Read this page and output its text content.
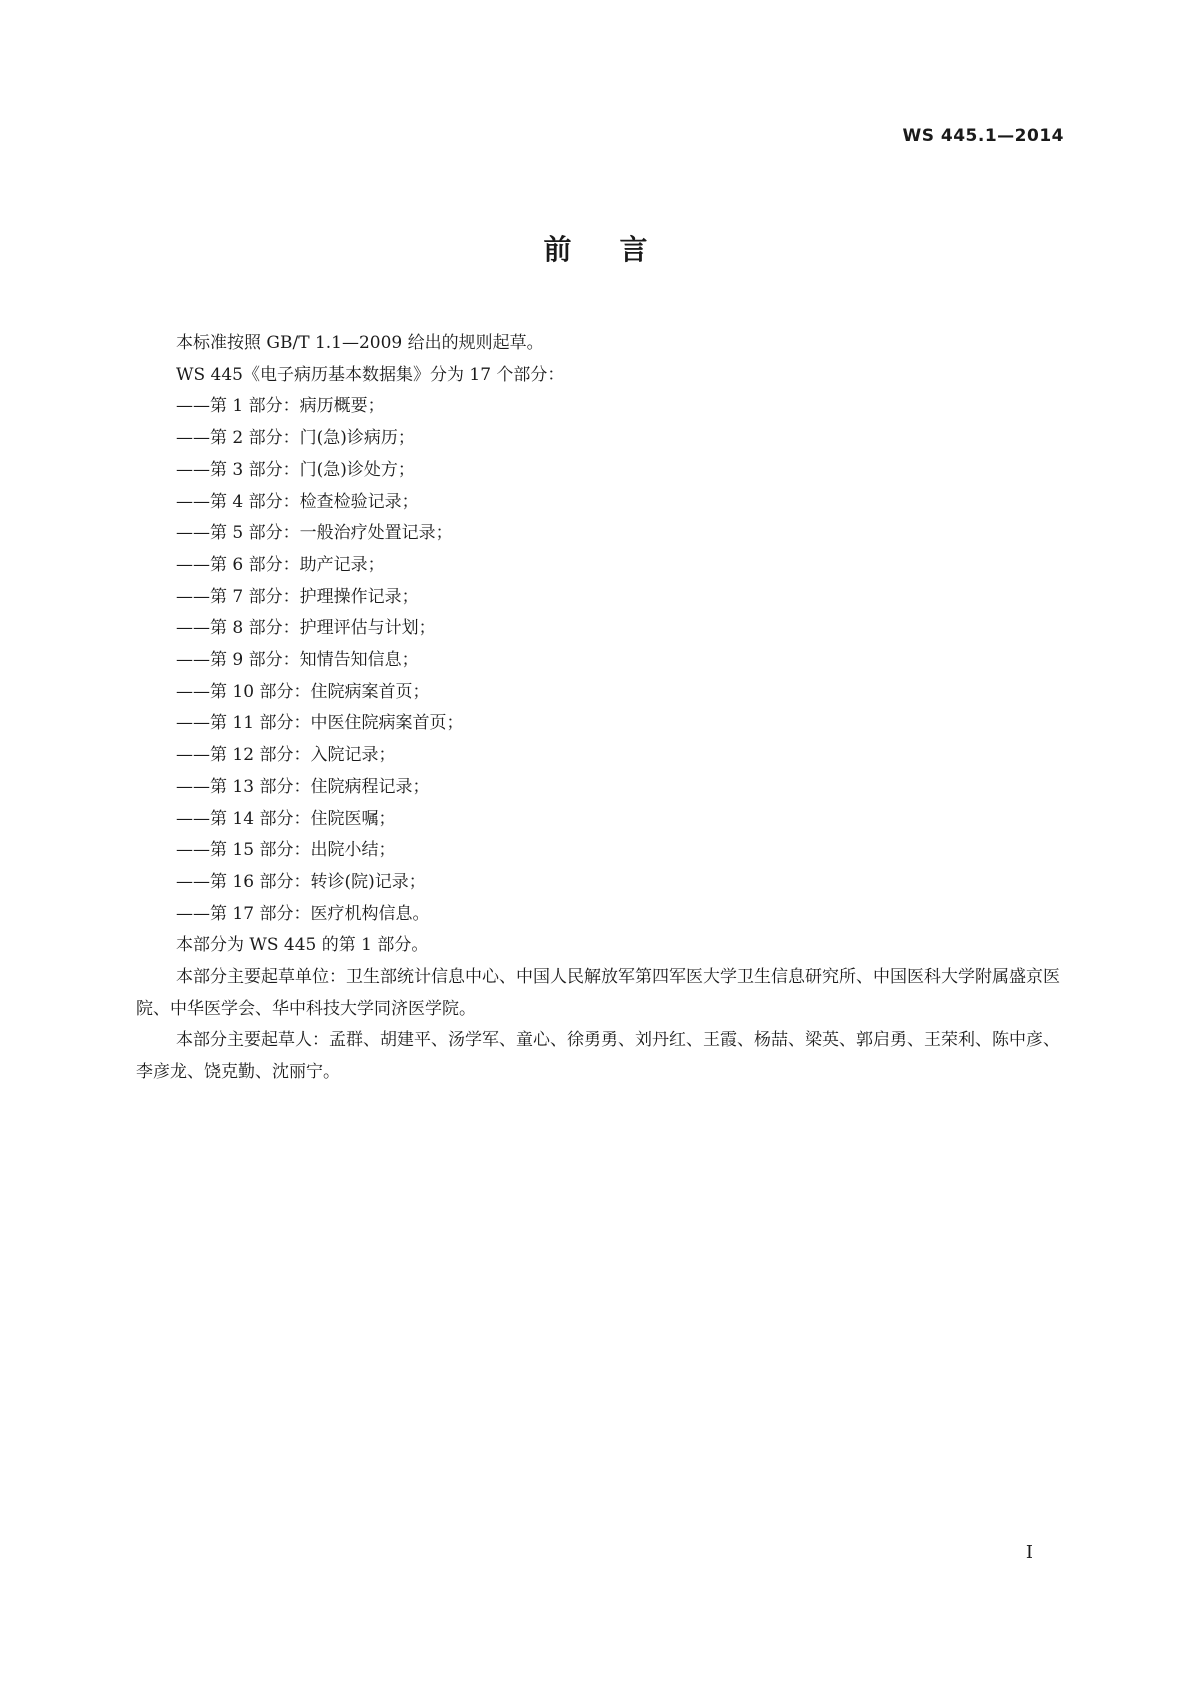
WS 445.1—2014
前言

本标准按照 GB/T 1.1—2009 给出的规则起草。

WS 445《电子病历基本数据集》分为 17 个部分：

——第 1 部分：病历概要；

——第 2 部分：门(急)诊病历；

——第 3 部分：门(急)诊处方；

——第 4 部分：检查检验记录；

——第 5 部分：一般治疗处置记录；

——第 6 部分：助产记录；

——第 7 部分：护理操作记录；

——第 8 部分：护理评估与计划；

——第 9 部分：知情告知信息；

——第 10 部分：住院病案首页；

——第 11 部分：中医住院病案首页；

——第 12 部分：入院记录；

——第 13 部分：住院病程记录；

——第 14 部分：住院医嘱；

——第 15 部分：出院小结；

——第 16 部分：转诊(院)记录；

——第 17 部分：医疗机构信息。

本部分为 WS 445 的第 1 部分。

本部分主要起草单位：卫生部统计信息中心、中国人民解放军第四军医大学卫生信息研究所、中国医科大学附属盛京医院、中华医学会、华中科技大学同济医学院。

本部分主要起草人：孟群、胡建平、汤学军、童心、徐勇勇、刘丹红、王霞、杨喆、梁英、郭启勇、王荣利、陈中彦、李彦龙、饶克勤、沈丽宁。

I
